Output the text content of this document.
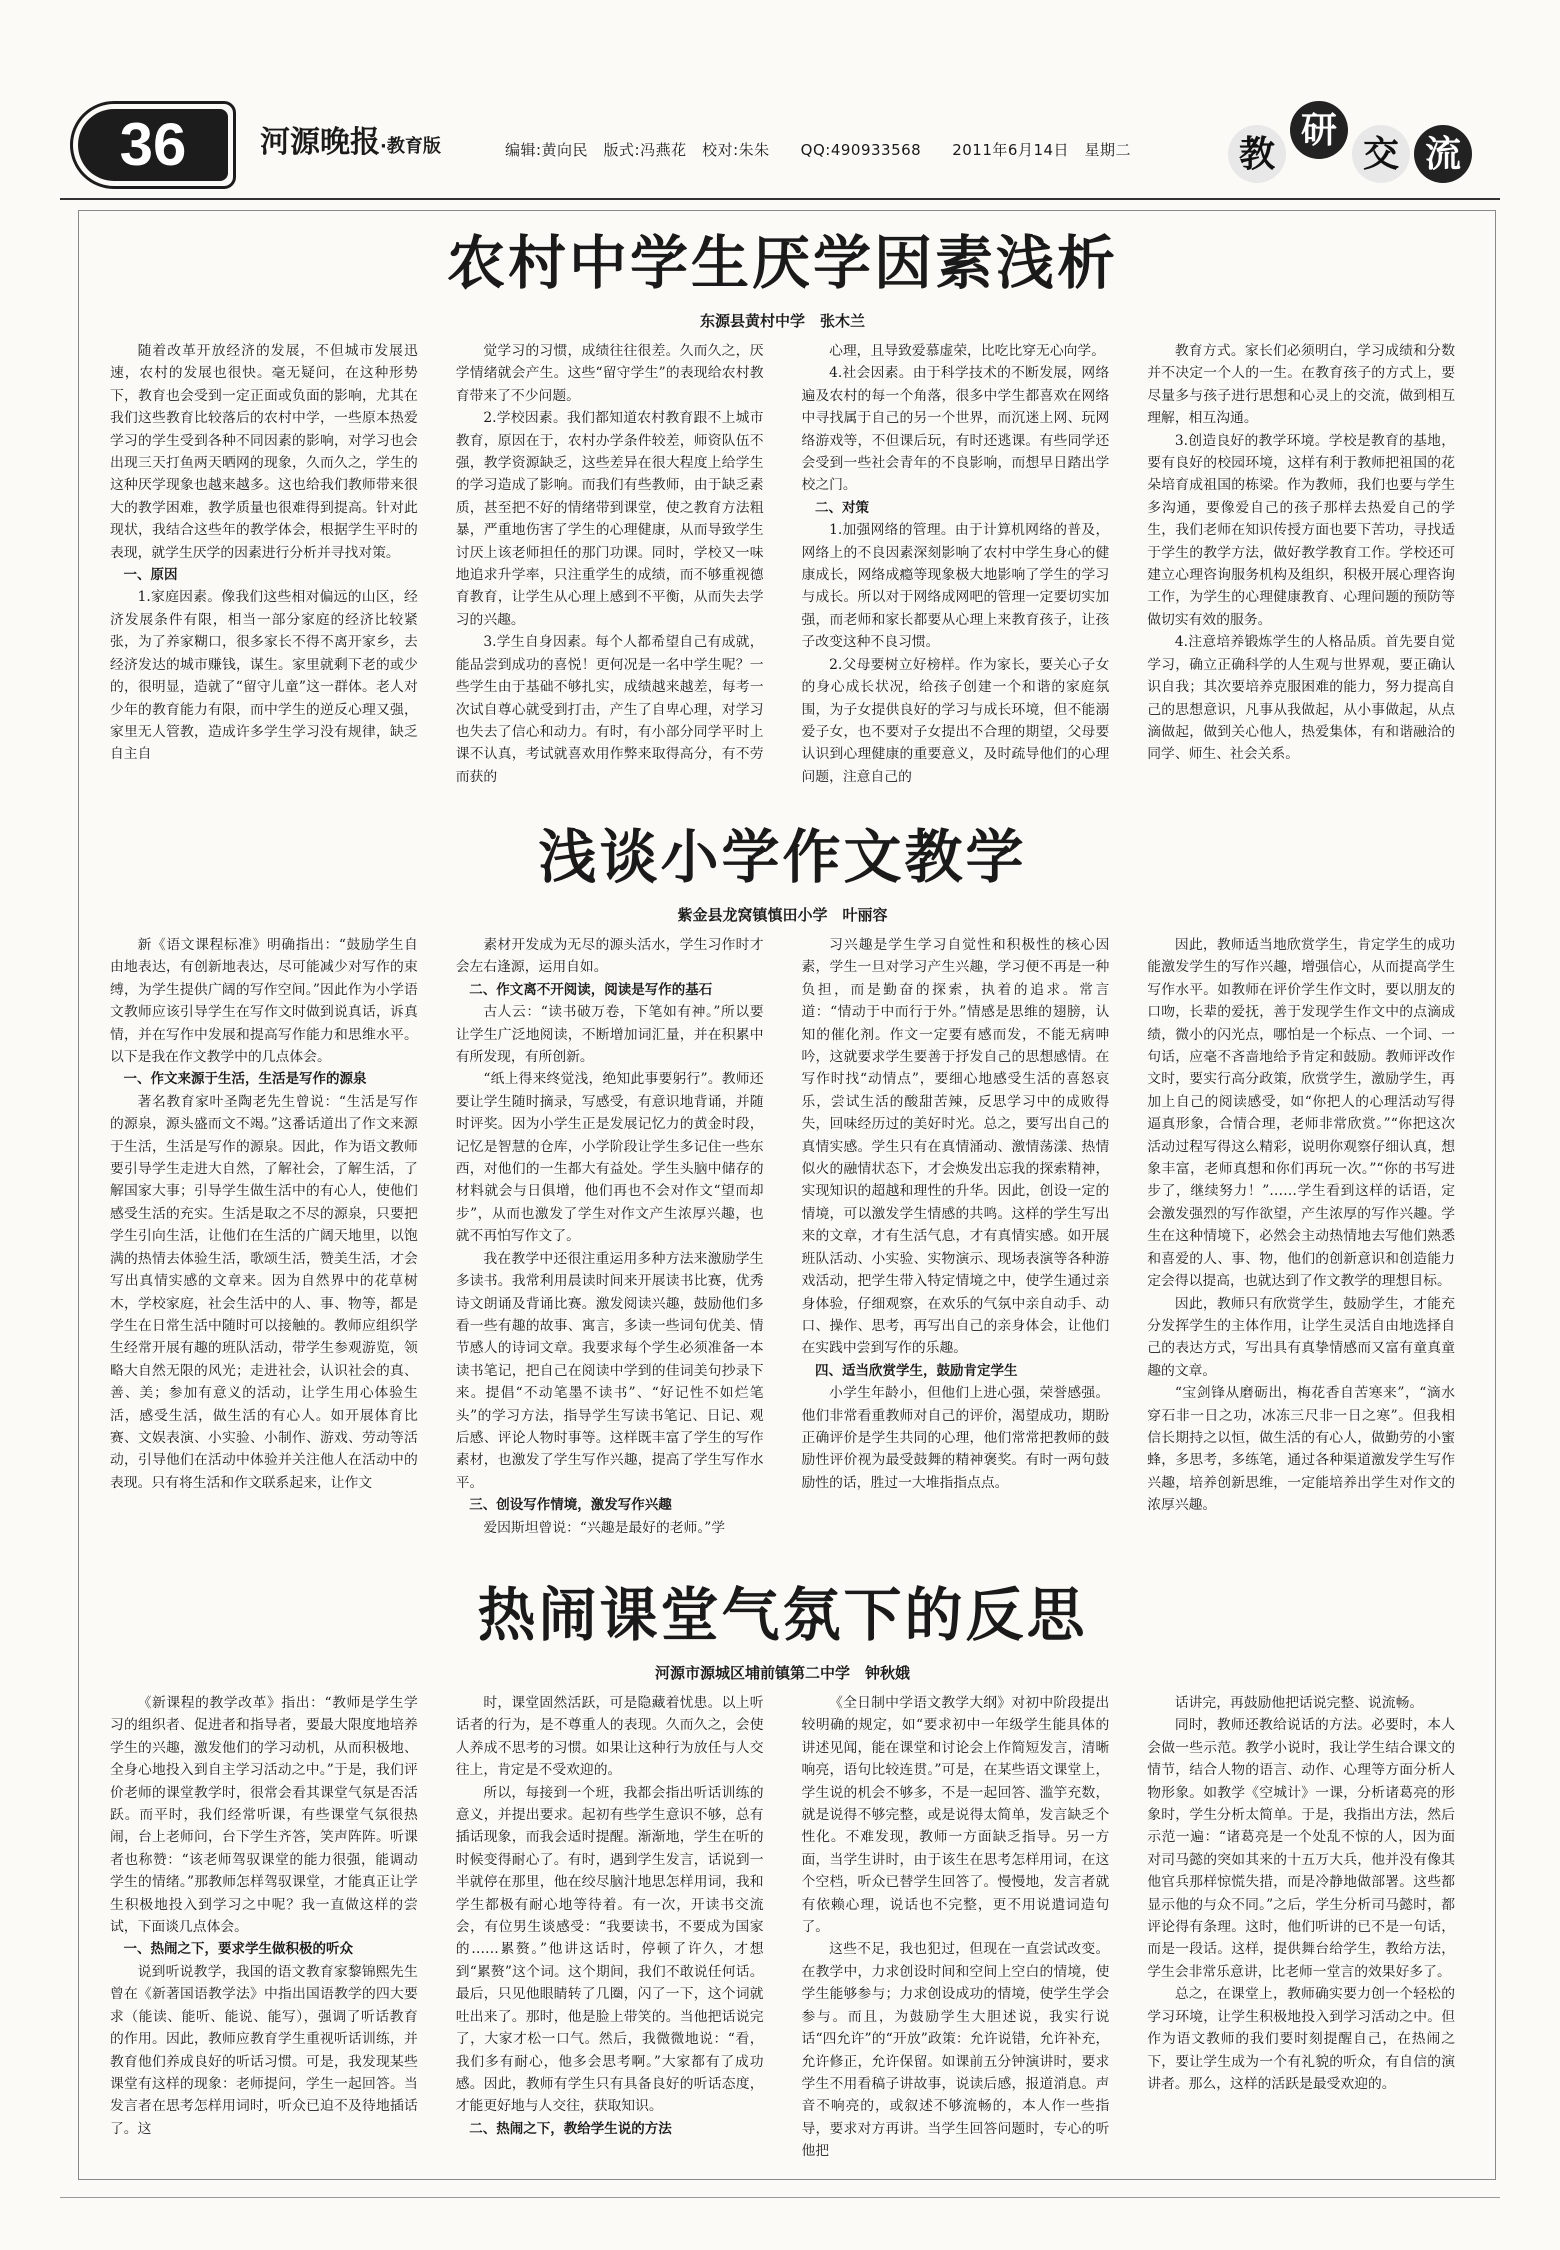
36	河源晚报·教育版	编辑:黄向民　版式:冯燕花　校对:朱朱　　QQ:490933568　　2011年6月14日　星期二	教
研
交 流
农村中学生厌学因素浅析
东源县黄村中学　张木兰

随着改革开放经济的发展，不但城市发展迅速，农村的发展也很快。毫无疑问，在这种形势下，教育也会受到一定正面或负面的影响，尤其在我们这些教育比较落后的农村中学，一些原本热爱学习的学生受到各种不同因素的影响，对学习也会出现三天打鱼两天晒网的现象，久而久之，学生的这种厌学现象也越来越多。这也给我们教师带来很大的教学困难，教学质量也很难得到提高。针对此现状，我结合这些年的教学体会，根据学生平时的表现，就学生厌学的因素进行分析并寻找对策。

一、原因

1.家庭因素。像我们这些相对偏远的山区，经济发展条件有限，相当一部分家庭的经济比较紧张，为了养家糊口，很多家长不得不离开家乡，去经济发达的城市赚钱，谋生。家里就剩下老的或少的，很明显，造就了“留守儿童”这一群体。老人对少年的教育能力有限，而中学生的逆反心理又强，家里无人管教，造成许多学生学习没有规律，缺乏自主自

觉学习的习惯，成绩往往很差。久而久之，厌学情绪就会产生。这些“留守学生”的表现给农村教育带来了不少问题。

2.学校因素。我们都知道农村教育跟不上城市教育，原因在于，农村办学条件较差，师资队伍不强，教学资源缺乏，这些差异在很大程度上给学生的学习造成了影响。而我们有些教师，由于缺乏素质，甚至把不好的情绪带到课堂，使之教育方法粗暴，严重地伤害了学生的心理健康，从而导致学生讨厌上该老师担任的那门功课。同时，学校又一味地追求升学率，只注重学生的成绩，而不够重视德育教育，让学生从心理上感到不平衡，从而失去学习的兴趣。

3.学生自身因素。每个人都希望自己有成就，能品尝到成功的喜悦！更何况是一名中学生呢？一些学生由于基础不够扎实，成绩越来越差，每考一次试自尊心就受到打击，产生了自卑心理，对学习也失去了信心和动力。有时，有小部分同学平时上课不认真，考试就喜欢用作弊来取得高分，有不劳而获的

心理，且导致爱慕虚荣，比吃比穿无心向学。

4.社会因素。由于科学技术的不断发展，网络遍及农村的每一个角落，很多中学生都喜欢在网络中寻找属于自己的另一个世界，而沉迷上网、玩网络游戏等，不但课后玩，有时还逃课。有些同学还会受到一些社会青年的不良影响，而想早日踏出学校之门。

二、对策

1.加强网络的管理。由于计算机网络的普及，网络上的不良因素深刻影响了农村中学生身心的健康成长，网络成瘾等现象极大地影响了学生的学习与成长。所以对于网络成网吧的管理一定要切实加强，而老师和家长都要从心理上来教育孩子，让孩子改变这种不良习惯。

2.父母要树立好榜样。作为家长，要关心子女的身心成长状况，给孩子创建一个和谐的家庭氛围，为子女提供良好的学习与成长环境，但不能溺爱子女，也不要对子女提出不合理的期望，父母要认识到心理健康的重要意义，及时疏导他们的心理问题，注意自己的

教育方式。家长们必须明白，学习成绩和分数并不决定一个人的一生。在教育孩子的方式上，要尽量多与孩子进行思想和心灵上的交流，做到相互理解，相互沟通。

3.创造良好的教学环境。学校是教育的基地，要有良好的校园环境，这样有利于教师把祖国的花朵培育成祖国的栋梁。作为教师，我们也要与学生多沟通，要像爱自己的孩子那样去热爱自己的学生，我们老师在知识传授方面也要下苦功，寻找适于学生的教学方法，做好教学教育工作。学校还可建立心理咨询服务机构及组织，积极开展心理咨询工作，为学生的心理健康教育、心理问题的预防等做切实有效的服务。

4.注意培养锻炼学生的人格品质。首先要自觉学习，确立正确科学的人生观与世界观，要正确认识自我；其次要培养克服困难的能力，努力提高自己的思想意识，凡事从我做起，从小事做起，从点滴做起，做到关心他人，热爱集体，有和谐融洽的同学、师生、社会关系。

浅谈小学作文教学
紫金县龙窝镇慎田小学　叶丽容

新《语文课程标准》明确指出：“鼓励学生自由地表达，有创新地表达，尽可能减少对写作的束缚，为学生提供广阔的写作空间。”因此作为小学语文教师应该引导学生在写作文时做到说真话，诉真情，并在写作中发展和提高写作能力和思维水平。以下是我在作文教学中的几点体会。

一、作文来源于生活，生活是写作的源泉

著名教育家叶圣陶老先生曾说：“生活是写作的源泉，源头盛而文不竭。”这番话道出了作文来源于生活，生活是写作的源泉。因此，作为语文教师要引导学生走进大自然，了解社会，了解生活，了解国家大事；引导学生做生活中的有心人，使他们感受生活的充实。生活是取之不尽的源泉，只要把学生引向生活，让他们在生活的广阔天地里，以饱满的热情去体验生活，歌颂生活，赞美生活，才会写出真情实感的文章来。因为自然界中的花草树木，学校家庭，社会生活中的人、事、物等，都是学生在日常生活中随时可以接触的。教师应组织学生经常开展有趣的班队活动，带学生参观游览，领略大自然无限的风光；走进社会，认识社会的真、善、美；参加有意义的活动，让学生用心体验生活，感受生活，做生活的有心人。如开展体育比赛、文娱表演、小实验、小制作、游戏、劳动等活动，引导他们在活动中体验并关注他人在活动中的表现。只有将生活和作文联系起来，让作文

素材开发成为无尽的源头活水，学生习作时才会左右逢源，运用自如。

二、作文离不开阅读，阅读是写作的基石

古人云：“读书破万卷，下笔如有神。”所以要让学生广泛地阅读，不断增加词汇量，并在积累中有所发现，有所创新。

“纸上得来终觉浅，绝知此事要躬行”。教师还要让学生随时摘录，写感受，有意识地背诵，并随时评奖。因为小学生正是发展记忆力的黄金时段，记忆是智慧的仓库，小学阶段让学生多记住一些东西，对他们的一生都大有益处。学生头脑中储存的材料就会与日俱增，他们再也不会对作文“望而却步”，从而也激发了学生对作文产生浓厚兴趣，也就不再怕写作文了。

我在教学中还很注重运用多种方法来激励学生多读书。我常利用晨读时间来开展读书比赛，优秀诗文朗诵及背诵比赛。激发阅读兴趣，鼓励他们多看一些有趣的故事、寓言，多读一些词句优美、情节感人的诗词文章。我要求每个学生必须准备一本读书笔记，把自己在阅读中学到的佳词美句抄录下来。提倡“不动笔墨不读书”、“好记性不如烂笔头”的学习方法，指导学生写读书笔记、日记、观后感、评论人物时事等。这样既丰富了学生的写作素材，也激发了学生写作兴趣，提高了学生写作水平。

三、创设写作情境，激发写作兴趣

爱因斯坦曾说：“兴趣是最好的老师。”学

习兴趣是学生学习自觉性和积极性的核心因素，学生一旦对学习产生兴趣，学习便不再是一种负担，而是勤奋的探索，执着的追求。常言道：“情动于中而行于外。”情感是思维的翅膀，认知的催化剂。作文一定要有感而发，不能无病呻吟，这就要求学生要善于抒发自己的思想感情。在写作时找“动情点”，要细心地感受生活的喜怒哀乐，尝试生活的酸甜苦辣，反思学习中的成败得失，回味经历过的美好时光。总之，要写出自己的真情实感。学生只有在真情涌动、激情荡漾、热情似火的融情状态下，才会焕发出忘我的探索精神，实现知识的超越和理性的升华。因此，创设一定的情境，可以激发学生情感的共鸣。这样的学生写出来的文章，才有生活气息，才有真情实感。如开展班队活动、小实验、实物演示、现场表演等各种游戏活动，把学生带入特定情境之中，使学生通过亲身体验，仔细观察，在欢乐的气氛中亲自动手、动口、操作、思考，再写出自己的亲身体会，让他们在实践中尝到写作的乐趣。

四、适当欣赏学生，鼓励肯定学生

小学生年龄小，但他们上进心强，荣誉感强。他们非常看重教师对自己的评价，渴望成功，期盼正确评价是学生共同的心理，他们常常把教师的鼓励性评价视为最受鼓舞的精神褒奖。有时一两句鼓励性的话，胜过一大堆指指点点。

因此，教师适当地欣赏学生，肯定学生的成功能激发学生的写作兴趣，增强信心，从而提高学生写作水平。如教师在评价学生作文时，要以朋友的口吻，长辈的爱抚，善于发现学生作文中的点滴成绩，微小的闪光点，哪怕是一个标点、一个词、一句话，应毫不吝啬地给予肯定和鼓励。教师评改作文时，要实行高分政策，欣赏学生，激励学生，再加上自己的阅读感受，如“你把人的心理活动写得逼真形象，合情合理，老师非常欣赏。”“你把这次活动过程写得这么精彩，说明你观察仔细认真，想象丰富，老师真想和你们再玩一次。”“你的书写进步了，继续努力！”……学生看到这样的话语，定会激发强烈的写作欲望，产生浓厚的写作兴趣。学生在这种情境下，必然会主动热情地去写他们熟悉和喜爱的人、事、物，他们的创新意识和创造能力定会得以提高，也就达到了作文教学的理想目标。

因此，教师只有欣赏学生，鼓励学生，才能充分发挥学生的主体作用，让学生灵活自由地选择自己的表达方式，写出具有真挚情感而又富有童真童趣的文章。

“宝剑锋从磨砺出，梅花香自苦寒来”，“滴水穿石非一日之功，冰冻三尺非一日之寒”。但我相信长期持之以恒，做生活的有心人，做勤劳的小蜜蜂，多思考，多练笔，通过各种渠道激发学生写作兴趣，培养创新思维，一定能培养出学生对作文的浓厚兴趣。

热闹课堂气氛下的反思
河源市源城区埔前镇第二中学　钟秋娥

《新课程的教学改革》指出：“教师是学生学习的组织者、促进者和指导者，要最大限度地培养学生的兴趣，激发他们的学习动机，从而积极地、全身心地投入到自主学习活动之中。”于是，我们评价老师的课堂教学时，很常会看其课堂气氛是否活跃。而平时，我们经常听课，有些课堂气氛很热闹，台上老师问，台下学生齐答，笑声阵阵。听课者也称赞：“该老师驾驭课堂的能力很强，能调动学生的情绪。”那教师怎样驾驭课堂，才能真正让学生积极地投入到学习之中呢？我一直做这样的尝试，下面谈几点体会。

一、热闹之下，要求学生做积极的听众

说到听说教学，我国的语文教育家黎锦熙先生曾在《新著国语教学法》中指出国语教学的四大要求（能读、能听、能说、能写），强调了听话教育的作用。因此，教师应教育学生重视听话训练，并教育他们养成良好的听话习惯。可是，我发现某些课堂有这样的现象：老师提问，学生一起回答。当发言者在思考怎样用词时，听众已迫不及待地插话了。这

时，课堂固然活跃，可是隐藏着忧患。以上听话者的行为，是不尊重人的表现。久而久之，会使人养成不思考的习惯。如果让这种行为放任与人交往上，肯定是不受欢迎的。

所以，每接到一个班，我都会指出听话训练的意义，并提出要求。起初有些学生意识不够，总有插话现象，而我会适时提醒。渐渐地，学生在听的时候变得耐心了。有时，遇到学生发言，话说到一半就停在那里，他在绞尽脑汁地思怎样用词，我和学生都极有耐心地等待着。有一次，开读书交流会，有位男生谈感受：“我要读书，不要成为国家的……累赘。”他讲这话时，停顿了许久，才想到“累赘”这个词。这个期间，我们不敢说任何话。最后，只见他眼睛转了几圈，闪了一下，这个词就吐出来了。那时，他是脸上带笑的。当他把话说完了，大家才松一口气。然后，我微微地说：“看，我们多有耐心，他多会思考啊。”大家都有了成功感。因此，教师有学生只有具备良好的听话态度，才能更好地与人交往，获取知识。

二、热闹之下，教给学生说的方法

《全日制中学语文教学大纲》对初中阶段提出较明确的规定，如“要求初中一年级学生能具体的讲述见闻，能在课堂和讨论会上作简短发言，清晰响亮，语句比较连贯。”可是，在某些语文课堂上，学生说的机会不够多，不是一起回答、滥竽充数，就是说得不够完整，或是说得太简单，发言缺乏个性化。不难发现，教师一方面缺乏指导。另一方面，当学生讲时，由于该生在思考怎样用词，在这个空档，听众已替学生回答了。慢慢地，发言者就有依赖心理，说话也不完整，更不用说遣词造句了。

这些不足，我也犯过，但现在一直尝试改变。在教学中，力求创设时间和空间上空白的情境，使学生能够参与；力求创设成功的情境，使学生学会参与。而且，为鼓励学生大胆述说，我实行说话“四允许”的“开放”政策：允许说错，允许补充，允许修正，允许保留。如课前五分钟演讲时，要求学生不用看稿子讲故事，说读后感，报道消息。声音不响亮的，或叙述不够流畅的，本人作一些指导，要求对方再讲。当学生回答问题时，专心的听他把

话讲完，再鼓励他把话说完整、说流畅。

同时，教师还教给说话的方法。必要时，本人会做一些示范。教学小说时，我让学生结合课文的情节，结合人物的语言、动作、心理等方面分析人物形象。如教学《空城计》一课，分析诸葛亮的形象时，学生分析太简单。于是，我指出方法，然后示范一遍：“诸葛亮是一个处乱不惊的人，因为面对司马懿的突如其来的十五万大兵，他并没有像其他官兵那样惊慌失措，而是冷静地做部署。这些都显示他的与众不同。”之后，学生分析司马懿时，都评论得有条理。这时，他们听讲的已不是一句话，而是一段话。这样，提供舞台给学生，教给方法，学生会非常乐意讲，比老师一堂言的效果好多了。

总之，在课堂上，教师确实要力创一个轻松的学习环境，让学生积极地投入到学习活动之中。但作为语文教师的我们要时刻提醒自己，在热闹之下，要让学生成为一个有礼貌的听众，有自信的演讲者。那么，这样的活跃是最受欢迎的。
